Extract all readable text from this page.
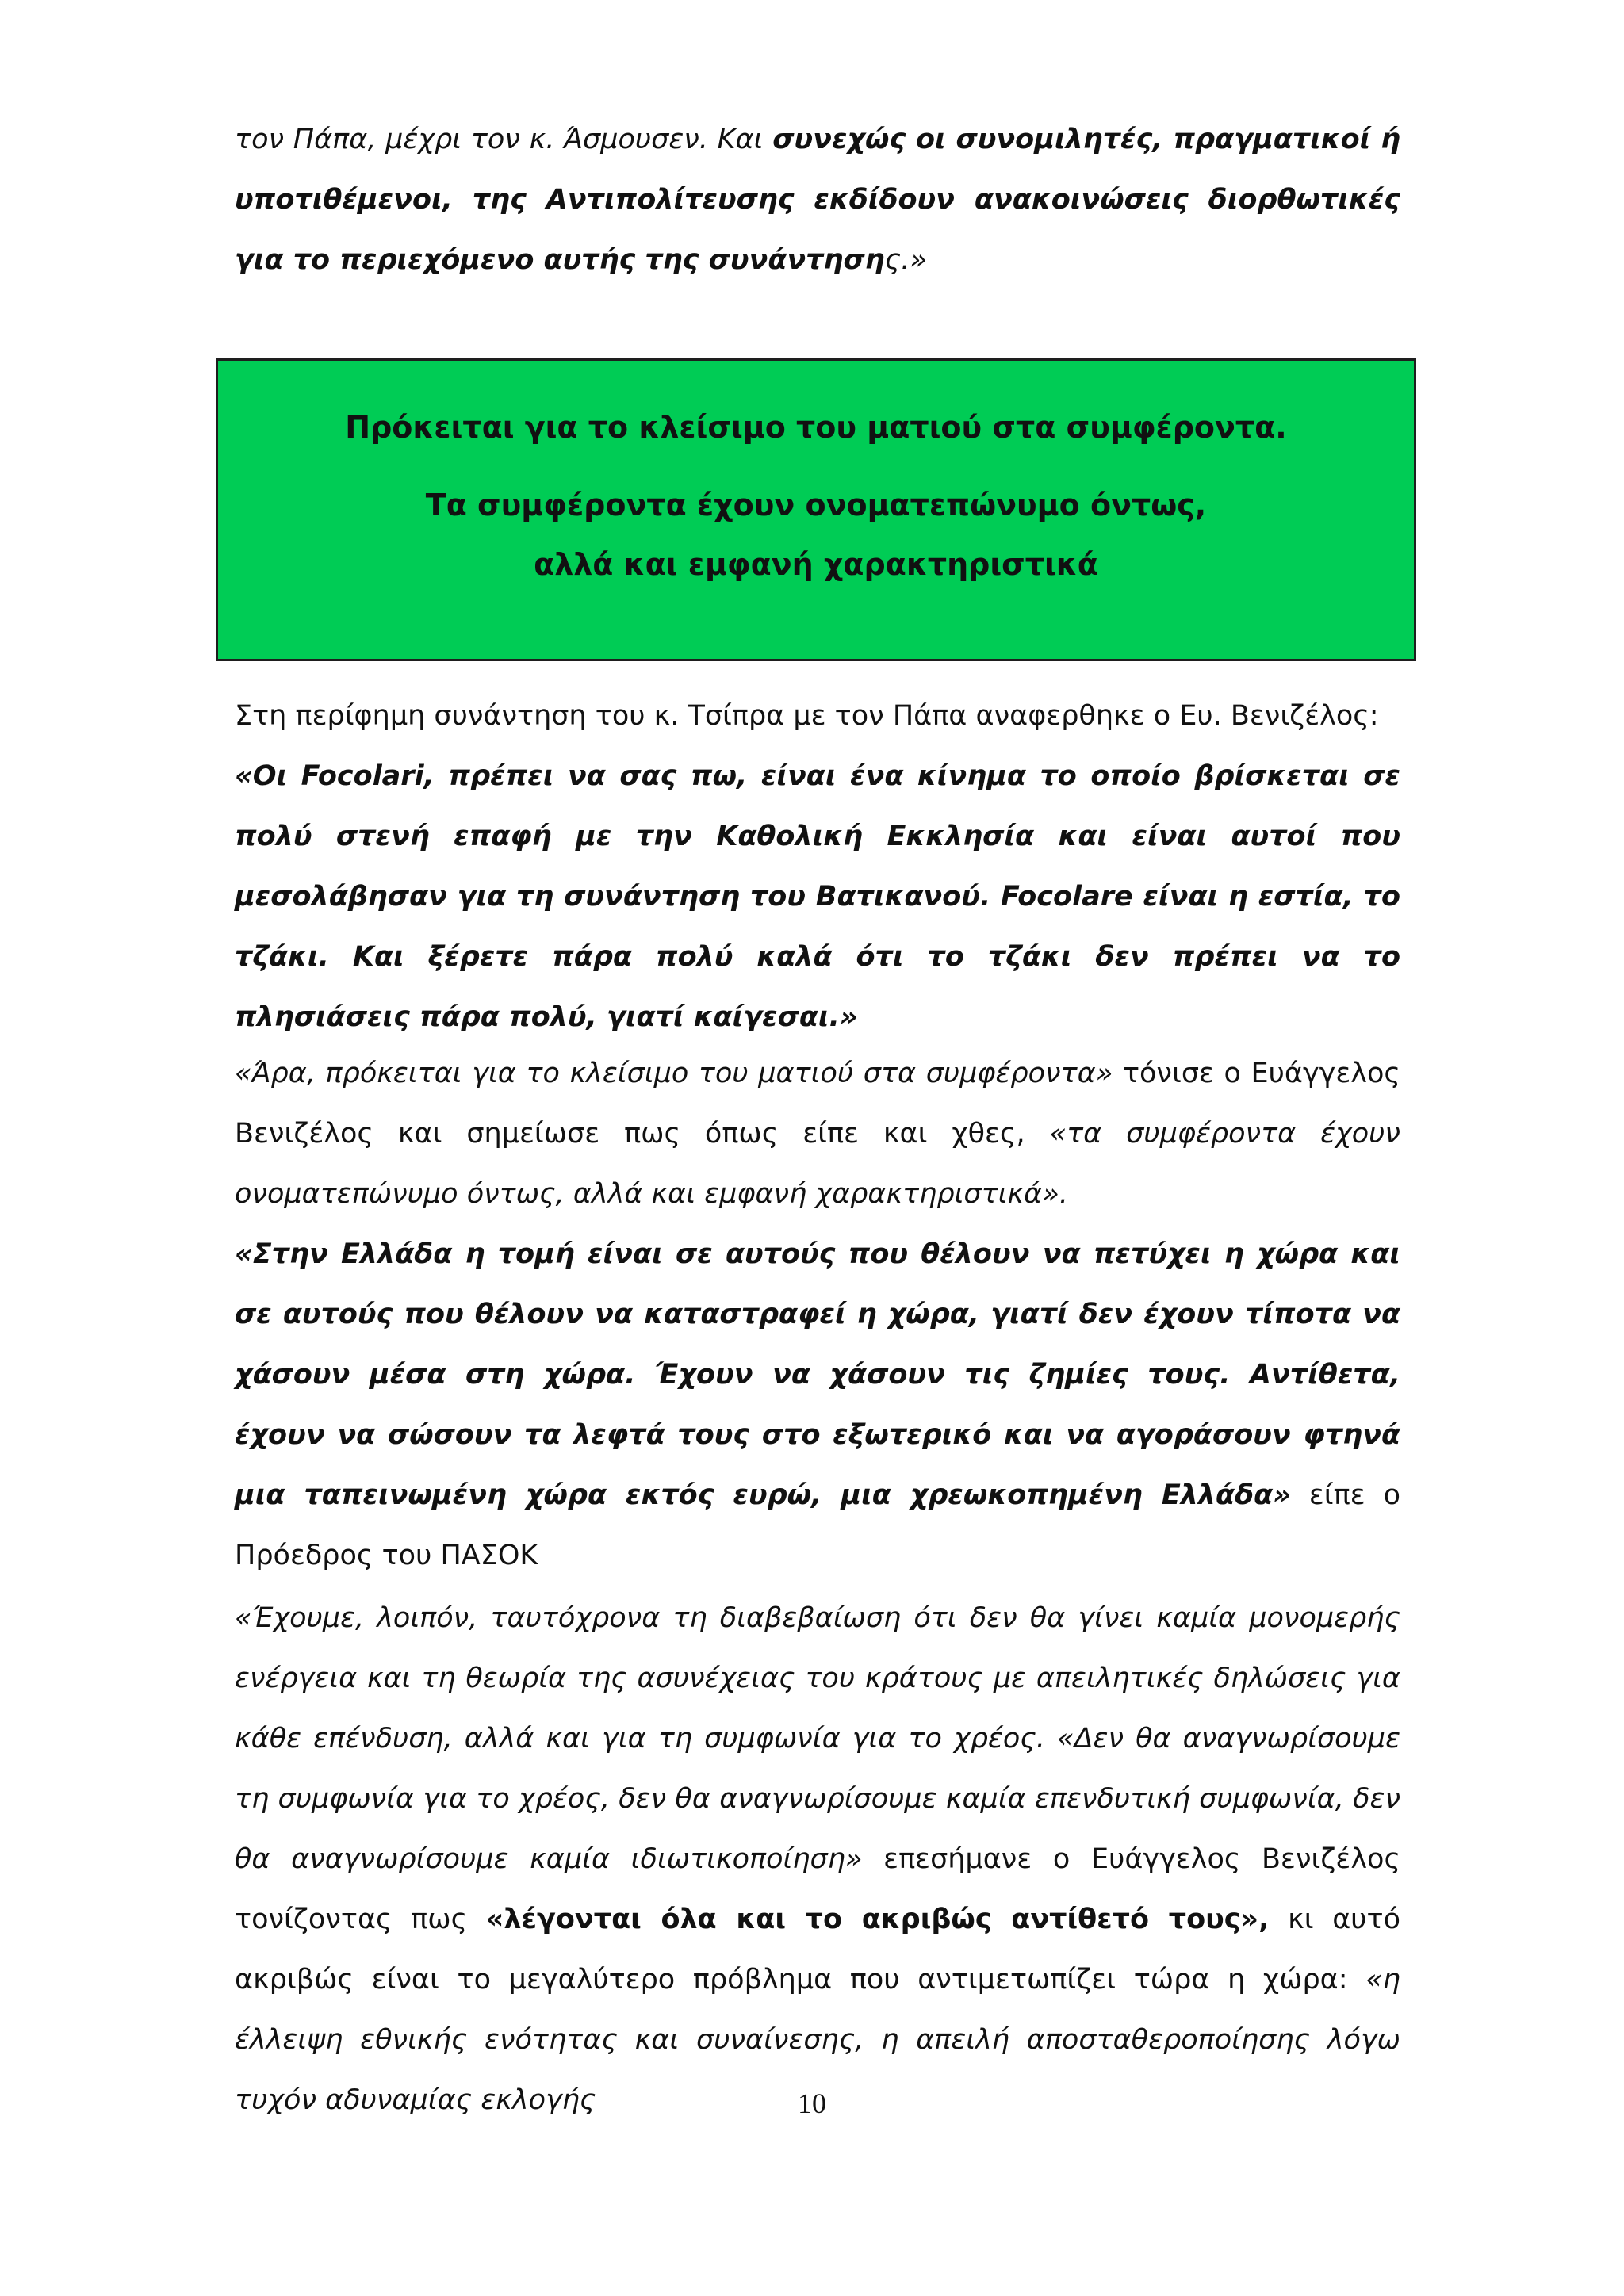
τον Πάπα, μέχρι τον κ. Άσμουσεν. Και συνεχώς οι συνομιλητές, πραγματικοί ή υποτιθέμενοι, της Αντιπολίτευσης εκδίδουν ανακοινώσεις διορθωτικές για το περιεχόμενο αυτής της συνάντησης.»

Πρόκειται για το κλείσιμο του ματιού στα συμφέροντα.

Τα συμφέροντα έχουν ονοματεπώνυμο όντως,

αλλά και εμφανή χαρακτηριστικά

Στη περίφημη συνάντηση του κ. Τσίπρα με τον Πάπα αναφερθηκε ο Ευ. Βενιζέλος:
«Οι Focolari, πρέπει να σας πω, είναι ένα κίνημα το οποίο βρίσκεται σε πολύ στενή επαφή με την Καθολική Εκκλησία και είναι αυτοί που μεσολάβησαν για τη συνάντηση του Βατικανού. Focolare είναι η εστία, το τζάκι. Και ξέρετε πάρα πολύ καλά ότι το τζάκι δεν πρέπει να το πλησιάσεις πάρα πολύ, γιατί καίγεσαι.»

«Άρα, πρόκειται για το κλείσιμο του ματιού στα συμφέροντα» τόνισε ο Ευάγγελος Βενιζέλος και σημείωσε πως όπως είπε και χθες, «τα συμφέροντα έχουν ονοματεπώνυμο όντως, αλλά και εμφανή χαρακτηριστικά».
«Στην Ελλάδα η τομή είναι σε αυτούς που θέλουν να πετύχει η χώρα και σε αυτούς που θέλουν να καταστραφεί η χώρα, γιατί δεν έχουν τίποτα να χάσουν μέσα στη χώρα. Έχουν να χάσουν τις ζημίες τους. Αντίθετα, έχουν να σώσουν τα λεφτά τους στο εξωτερικό και να αγοράσουν φτηνά μια ταπεινωμένη χώρα εκτός ευρώ, μια χρεωκοπημένη Ελλάδα» είπε ο Πρόεδρος του ΠΑΣΟΚ

«Έχουμε, λοιπόν, ταυτόχρονα τη διαβεβαίωση ότι δεν θα γίνει καμία μονομερής ενέργεια και τη θεωρία της ασυνέχειας του κράτους με απειλητικές δηλώσεις για κάθε επένδυση, αλλά και για τη συμφωνία για το χρέος. «Δεν θα αναγνωρίσουμε τη συμφωνία για το χρέος, δεν θα αναγνωρίσουμε καμία επενδυτική συμφωνία, δεν θα αναγνωρίσουμε καμία ιδιωτικοποίηση» επεσήμανε ο Ευάγγελος Βενιζέλος τονίζοντας πως «λέγονται όλα και το ακριβώς αντίθετό τους», κι αυτό ακριβώς είναι το μεγαλύτερο πρόβλημα που αντιμετωπίζει τώρα η χώρα: «η έλλειψη εθνικής ενότητας και συναίνεσης, η απειλή αποσταθεροποίησης λόγω τυχόν αδυναμίας εκλογής	10
